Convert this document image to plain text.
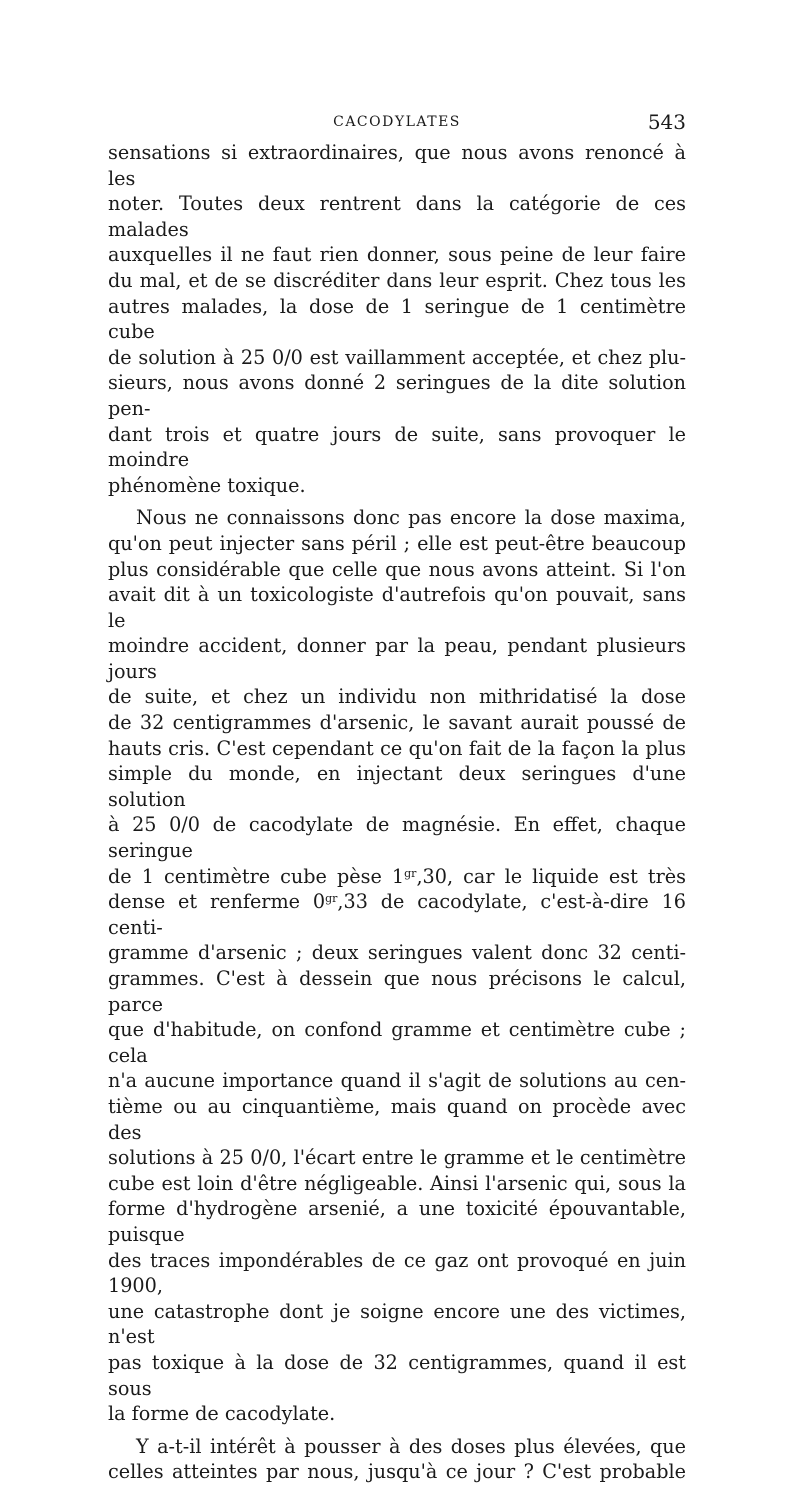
CACODYLATES	543

sensations si extraordinaires, que nous avons renoncé à les

noter. Toutes deux rentrent dans la catégorie de ces malades

auxquelles il ne faut rien donner, sous peine de leur faire

du mal, et de se discréditer dans leur esprit. Chez tous les

autres malades, la dose de 1 seringue de 1 centimètre cube

de solution à 25 0/0 est vaillamment acceptée, et chez plu-

sieurs, nous avons donné 2 seringues de la dite solution pen-

dant trois et quatre jours de suite, sans provoquer le moindre

phénomène toxique.

Nous ne connaissons donc pas encore la dose maxima,

qu'on peut injecter sans péril ; elle est peut-être beaucoup

plus considérable que celle que nous avons atteint. Si l'on

avait dit à un toxicologiste d'autrefois qu'on pouvait, sans le

moindre accident, donner par la peau, pendant plusieurs jours

de suite, et chez un individu non mithridatisé la dose

de 32 centigrammes d'arsenic, le savant aurait poussé de

hauts cris. C'est cependant ce qu'on fait de la façon la plus

simple du monde, en injectant deux seringues d'une solution

à 25 0/0 de cacodylate de magnésie. En effet, chaque seringue

de 1 centimètre cube pèse $1^{gr},30$, car le liquide est très

dense et renferme $0^{gr},33$ de cacodylate, c'est-à-dire 16 centi-

gramme d'arsenic ; deux seringues valent donc 32 centi-

grammes. C'est à dessein que nous précisons le calcul, parce

que d'habitude, on confond gramme et centimètre cube ; cela

n'a aucune importance quand il s'agit de solutions au cen-

tième ou au cinquantième, mais quand on procède avec des

solutions à 25 0/0, l'écart entre le gramme et le centimètre

cube est loin d'être négligeable. Ainsi l'arsenic qui, sous la

forme d'hydrogène arsenié, a une toxicité épouvantable, puisque

des traces impondérables de ce gaz ont provoqué en juin 1900,

une catastrophe dont je soigne encore une des victimes, n'est

pas toxique à la dose de 32 centigrammes, quand il est sous

la forme de cacodylate.

Y a-t-il intérêt à pousser à des doses plus élevées, que

celles atteintes par nous, jusqu'à ce jour ? C'est probable
